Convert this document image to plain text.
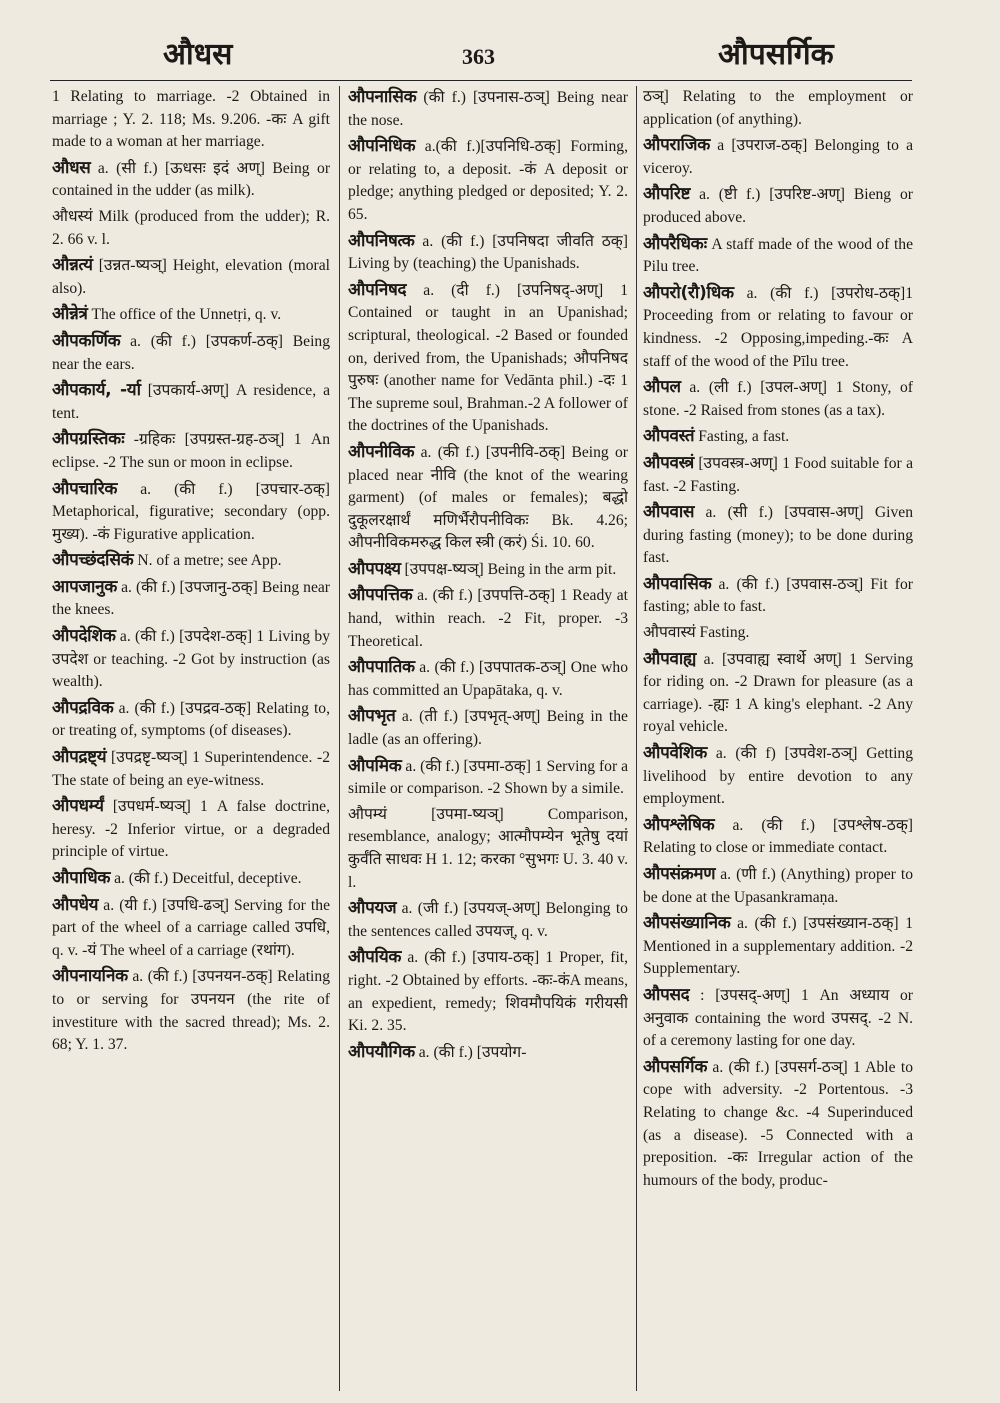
औधस	363	औपसर्गिक
1 Relating to marriage. -2 Obtained in marriage ; Y. 2. 118; Ms. 9.206. -कः A gift made to a woman at her marriage.
औधस a. (सी f.) [ऊधसः इदं अण्] Being or contained in the udder (as milk).
औधस्यं Milk (produced from the udder); R. 2. 66 v. l.
औन्नत्यं [उन्नत-ष्यञ्] Height, elevation (moral also).
औन्नेत्रं The office of the Unnetṛi, q. v.
औपकर्णिक a. (की f.) [उपकर्ण-ठक्] Being near the ears.
औपकार्य, -र्या [उपकार्य-अण्] A residence, a tent.
औपग्रस्तिकः -ग्रहिकः [उपग्रस्त-ग्रह-ठञ्] 1 An eclipse. -2 The sun or moon in eclipse.
औपचारिक a. (की f.) [उपचार-ठक्] Metaphorical, figurative; secondary (opp. मुख्य). -कं Figurative application.
औपच्छंदसिकं N. of a metre; see App.
आपजानुक a. (की f.) [उपजानु-ठक्] Being near the knees.
औपदेशिक a. (की f.) [उपदेश-ठक्] 1 Living by उपदेश or teaching. -2 Got by instruction (as wealth).
औपद्रविक a. (की f.) [उपद्रव-ठक्] Relating to, or treating of, symptoms (of diseases).
औपद्रष्ट्यं [उपद्रष्टृ-ष्यञ्] 1 Superintendence. -2 The state of being an eye-witness.
औपधर्म्यं [उपधर्म-ष्यञ्] 1 A false doctrine, heresy. -2 Inferior virtue, or a degraded principle of virtue.
औपाधिक a. (की f.) Deceitful, deceptive.
औपधेय a. (यी f.) [उपधि-ढञ्] Serving for the part of the wheel of a carriage called उपधि, q. v. -यं The wheel of a carriage (रथांग).
औपनायनिक a. (की f.) [उपनयन-ठक्] Relating to or serving for उपनयन (the rite of investiture with the sacred thread); Ms. 2. 68; Y. 1. 37.
औपनासिक (की f.) [उपनास-ठञ्] Being near the nose.
औपनिधिक a.(की f.)[उपनिधि-ठक्] Forming, or relating to, a deposit. -कं A deposit or pledge; anything pledged or deposited; Y. 2. 65.
औपनिषत्क a. (की f.) [उपनिषदा जीवति ठक्] Living by (teaching) the Upanishads.
औपनिषद a. (दी f.) [उपनिषद्-अण्] 1 Contained or taught in an Upanishad; scriptural, theological. -2 Based or founded on, derived from, the Upanishads; औपनिषद पुरुषः (another name for Vedānta phil.) -दः 1 The supreme soul, Brahman.-2 A follower of the doctrines of the Upanishads.
औपनीविक a. (की f.) [उपनीवि-ठक्] Being or placed near नीवि (the knot of the wearing garment) (of males or females); बद्धो दुकूलरक्षार्थं मणिर्भैरौपनीविकः Bk. 4.26; औपनीविकमरुद्ध किल स्त्री (करं) Śi. 10. 60.
औपपक्ष्य [उपपक्ष-ष्यञ्] Being in the arm pit.
औपपत्तिक a. (की f.) [उपपत्ति-ठक्] 1 Ready at hand, within reach. -2 Fit, proper. -3 Theoretical.
औपपातिक a. (की f.) [उपपातक-ठञ्] One who has committed an Upapātaka, q. v.
औपभृत a. (ती f.) [उपभृत्-अण्] Being in the ladle (as an offering).
औपमिक a. (की f.) [उपमा-ठक्] 1 Serving for a simile or comparison. -2 Shown by a simile.
औपम्यं [उपमा-ष्यञ्] Comparison, resemblance, analogy; आत्मौपम्येन भूतेषु दयां कुर्वंति साधवः H 1. 12; करका °सुभगः U. 3. 40 v. l.
औपयज a. (जी f.) [उपयज्-अण्] Belonging to the sentences called उपयज्, q. v.
औपयिक a. (की f.) [उपाय-ठक्] 1 Proper, fit, right. -2 Obtained by efforts. -कः-कंA means, an expedient, remedy; शिवमौपयिकं गरीयसी Ki. 2. 35.
औपयौगिक a. (की f.) [उपयोग-
ठञ्] Relating to the employment or application (of anything).
औपराजिक a [उपराज-ठक्] Belonging to a viceroy.
औपरिष्ट a. (ष्टी f.) [उपरिष्ट-अण्] Bieng or produced above.
औपरैधिकः A staff made of the wood of the Pilu tree.
औपरो(रौ)धिक a. (की f.) [उपरोध-ठक्]1 Proceeding from or relating to favour or kindness. -2 Opposing,impeding.-कः A staff of the wood of the Pīlu tree.
औपल a. (ली f.) [उपल-अण्] 1 Stony, of stone. -2 Raised from stones (as a tax).
औपवस्तं Fasting, a fast.
औपवस्त्रं [उपवस्त्र-अण्] 1 Food suitable for a fast. -2 Fasting.
औपवास a. (सी f.) [उपवास-अण्] Given during fasting (money); to be done during fast.
औपवासिक a. (की f.) [उपवास-ठञ्] Fit for fasting; able to fast.
औपवास्यं Fasting.
औपवाह्य a. [उपवाह्य स्वार्थे अण्] 1 Serving for riding on. -2 Drawn for pleasure (as a carriage). -ह्यः 1 A king's elephant. -2 Any royal vehicle.
औपवेशिक a. (की f) [उपवेश-ठञ्] Getting livelihood by entire devotion to any employment.
औपश्लेषिक a. (की f.) [उपश्लेष-ठक्] Relating to close or immediate contact.
औपसंक्रमण a. (णी f.) (Anything) proper to be done at the Upasankramaṇa.
औपसंख्यानिक a. (की f.) [उपसंख्यान-ठक्] 1 Mentioned in a supplementary addition. -2 Supplementary.
औपसद : [उपसद्-अण्] 1 An अध्याय or अनुवाक containing the word उपसद्. -2 N. of a ceremony lasting for one day.
औपसर्गिक a. (की f.) [उपसर्ग-ठञ्] 1 Able to cope with adversity. -2 Portentous. -3 Relating to change &c. -4 Superinduced (as a disease). -5 Connected with a preposition. -कः Irregular action of the humours of the body, produc-
